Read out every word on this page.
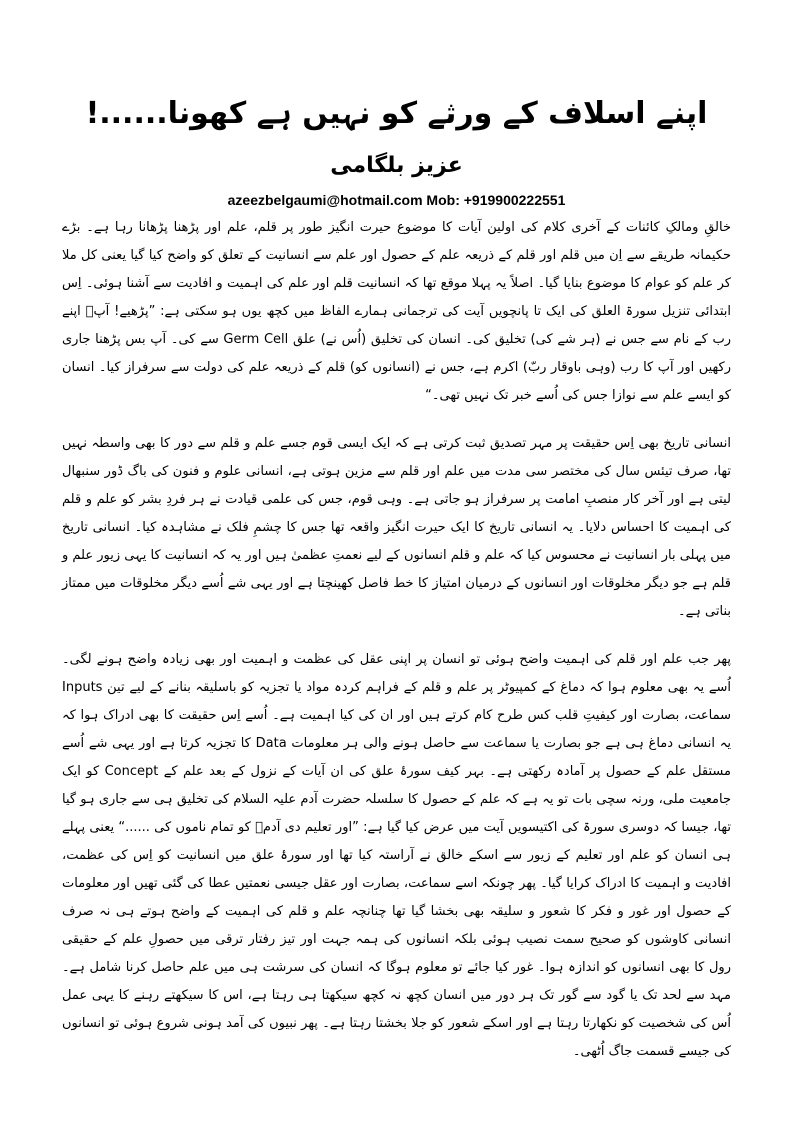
اپنے اسلاف کے ورثے کو نہیں ہے کھونا......!
عزیز بلگامی
azeezbelgaumi@hotmail.com Mob: +919900222551

خالقِ ومالکِ کائنات کے آخری کلام کی اولین آیات کا موضوع حیرت انگیز طور پر قلم، علم اور پڑھنا پڑھانا رہا ہے۔ بڑے حکیمانہ طریقے سے اِن میں قلم اور قلم کے ذریعہ علم کے حصول اور علم سے انسانیت کے تعلق کو واضح کیا گیا یعنی کل ملا کر علم کو عوام کا موضوع بنایا گیا۔ اصلاً یہ پہلا موقع تھا کہ انسانیت قلم اور علم کی اہمیت و افادیت سے آشنا ہوئی۔ اِس ابتدائی تنزیل سورۃ العلق کی ایک تا پانچویں آیت کی ترجمانی ہمارے الفاظ میں کچھ یوں ہو سکتی ہے: ”پڑھیے! آپؐ اپنے رب کے نام سے جس نے (ہر شے کی) تخلیق کی۔ انسان کی تخلیق (اُس نے) علق Germ Cell سے کی۔ آپ بس پڑھنا جاری رکھیں اور آپ کا رب (وہی باوقار ربّ) اکرم ہے، جس نے (انسانوں کو) قلم کے ذریعہ علم کی دولت سے سرفراز کیا۔ انسان کو ایسے علم سے نوازا جس کی اُسے خبر تک نہیں تھی۔“

انسانی تاریخ بھی اِس حقیقت پر مہر تصدیق ثبت کرتی ہے کہ ایک ایسی قوم جسے علم و قلم سے دور کا بھی واسطہ نہیں تھا، صرف تیئس سال کی مختصر سی مدت میں علم اور قلم سے مزین ہوتی ہے، انسانی علوم و فنون کی باگ ڈور سنبھال لیتی ہے اور آخر کار منصبِ امامت پر سرفراز ہو جاتی ہے۔ وہی قوم، جس کی علمی قیادت نے ہر فردِ بشر کو علم و قلم کی اہمیت کا احساس دلایا۔ یہ انسانی تاریخ کا ایک حیرت انگیز واقعہ تھا جس کا چشمِ فلک نے مشاہدہ کیا۔ انسانی تاریخ میں پہلی بار انسانیت نے محسوس کیا کہ علم و قلم انسانوں کے لیے نعمتِ عظمیٰ ہیں اور یہ کہ انسانیت کا یہی زیور علم و قلم ہے جو دیگر مخلوقات اور انسانوں کے درمیان امتیاز کا خط فاصل کھینچتا ہے اور یہی شے اُسے دیگر مخلوقات میں ممتاز بناتی ہے۔

پھر جب علم اور قلم کی اہمیت واضح ہوئی تو انسان پر اپنی عقل کی عظمت و اہمیت اور بھی زیادہ واضح ہونے لگی۔ اُسے یہ بھی معلوم ہوا کہ دماغ کے کمپیوٹر پر علم و قلم کے فراہم کردہ مواد یا تجزیہ کو باسلیقہ بنانے کے لیے تین Inputs سماعت، بصارت اور کیفیتِ قلب کس طرح کام کرتے ہیں اور ان کی کیا اہمیت ہے۔ اُسے اِس حقیقت کا بھی ادراک ہوا کہ یہ انسانی دماغ ہی ہے جو بصارت یا سماعت سے حاصل ہونے والی ہر معلومات Data کا تجزیہ کرتا ہے اور یہی شے اُسے مستقل علم کے حصول پر آمادہ رکھتی ہے۔ بہر کیف سورۂ علق کی ان آیات کے نزول کے بعد علم کے Concept کو ایک جامعیت ملی، ورنہ سچی بات تو یہ ہے کہ علم کے حصول کا سلسلہ حضرت آدم علیہ السلام کی تخلیق ہی سے جاری ہو گیا تھا، جیسا کہ دوسری سورۃ کی اکتیسویں آیت میں عرض کیا گیا ہے: ”اور تعلیم دی آدمؑ کو تمام ناموں کی ......“ یعنی پہلے ہی انسان کو علم اور تعلیم کے زیور سے اسکے خالق نے آراستہ کیا تھا اور سورۂ علق میں انسانیت کو اِس کی عظمت، افادیت و اہمیت کا ادراک کرایا گیا۔ پھر چونکہ اسے سماعت، بصارت اور عقل جیسی نعمتیں عطا کی گئی تھیں اور معلومات کے حصول اور غور و فکر کا شعور و سلیقہ بھی بخشا گیا تھا چنانچہ علم و قلم کی اہمیت کے واضح ہوتے ہی نہ صرف انسانی کاوشوں کو صحیح سمت نصیب ہوئی بلکہ انسانوں کی ہمہ جہت اور تیز رفتار ترقی میں حصولِ علم کے حقیقی رول کا بھی انسانوں کو اندازہ ہوا۔ غور کیا جائے تو معلوم ہوگا کہ انسان کی سرشت ہی میں علم حاصل کرنا شامل ہے۔ مہد سے لحد تک یا گود سے گور تک ہر دور میں انسان کچھ نہ کچھ سیکھتا ہی رہتا ہے، اس کا سیکھتے رہنے کا یہی عمل اُس کی شخصیت کو نکھارتا رہتا ہے اور اسکے شعور کو جلا بخشتا رہتا ہے۔ پھر نبیوں کی آمد ہونی شروع ہوئی تو انسانوں کی جیسے قسمت جاگ اُٹھی۔
